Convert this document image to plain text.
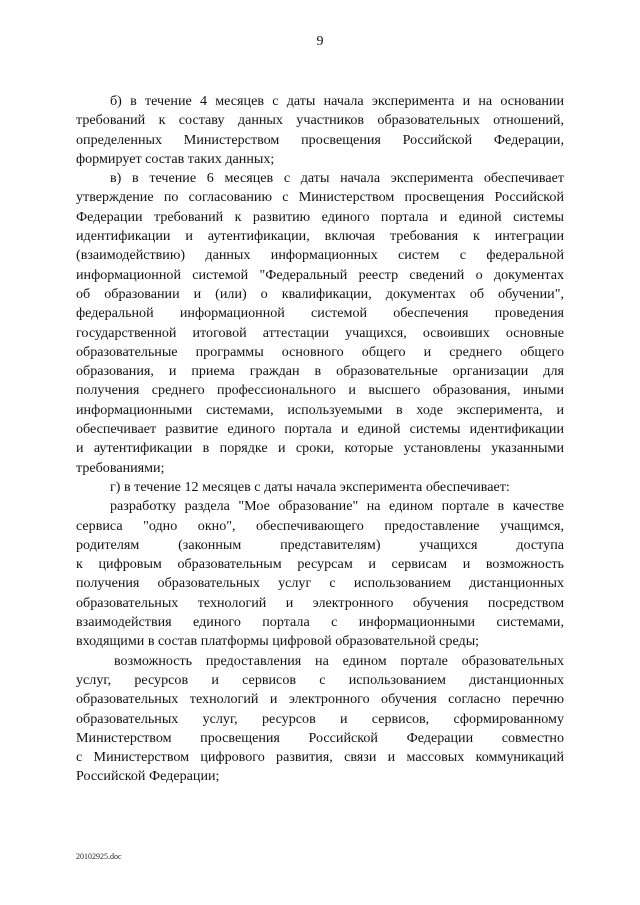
9
б) в течение 4 месяцев с даты начала эксперимента и на основании
требований к составу данных участников образовательных отношений,
определенных Министерством просвещения Российской Федерации,
формирует состав таких данных;
в) в течение 6 месяцев с даты начала эксперимента обеспечивает
утверждение по согласованию с Министерством просвещения Российской
Федерации требований к развитию единого портала и единой системы
идентификации и аутентификации, включая требования к интеграции
(взаимодействию) данных информационных систем с федеральной
информационной системой "Федеральный реестр сведений о документах
об образовании и (или) о квалификации, документах об обучении",
федеральной информационной системой обеспечения проведения
государственной итоговой аттестации учащихся, освоивших основные
образовательные программы основного общего и среднего общего
образования, и приема граждан в образовательные организации для
получения среднего профессионального и высшего образования, иными
информационными системами, используемыми в ходе эксперимента, и
обеспечивает развитие единого портала и единой системы идентификации
и аутентификации в порядке и сроки, которые установлены указанными
требованиями;
г) в течение 12 месяцев с даты начала эксперимента обеспечивает:
разработку раздела "Мое образование" на едином портале в качестве
сервиса "одно окно", обеспечивающего предоставление учащимся,
родителям (законным представителям) учащихся доступа
к цифровым образовательным ресурсам и сервисам и возможность
получения образовательных услуг с использованием дистанционных
образовательных технологий и электронного обучения посредством
взаимодействия единого портала с информационными системами,
входящими в состав платформы цифровой образовательной среды;
возможность предоставления на едином портале образовательных
услуг, ресурсов и сервисов с использованием дистанционных
образовательных технологий и электронного обучения согласно перечню
образовательных услуг, ресурсов и сервисов, сформированному
Министерством просвещения Российской Федерации совместно
с Министерством цифрового развития, связи и массовых коммуникаций
Российской Федерации;
20102925.doc
